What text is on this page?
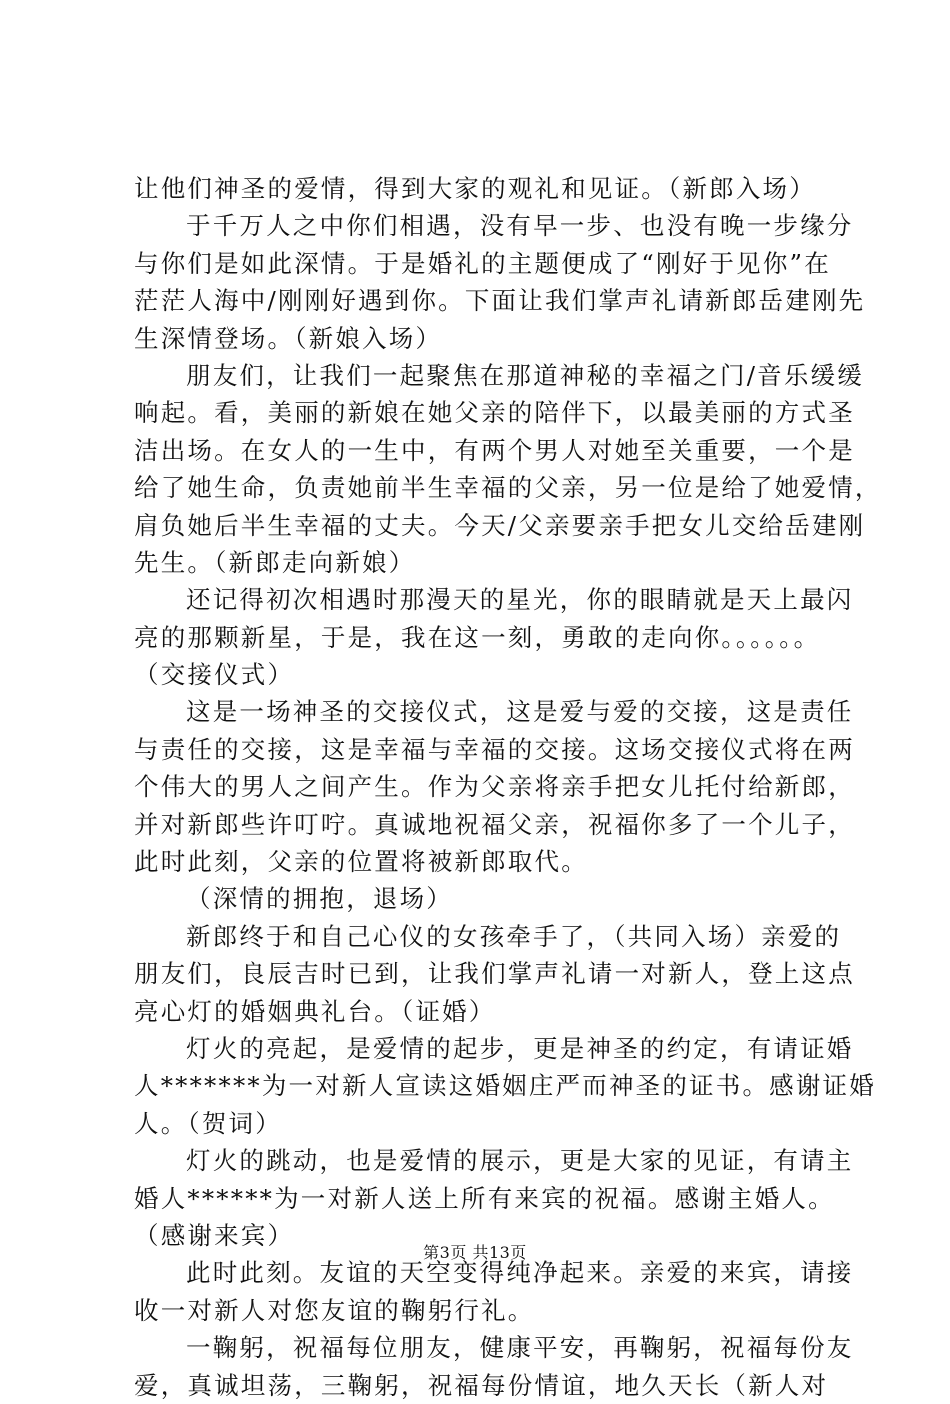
让他们神圣的爱情，得到大家的观礼和见证。（新郎入场）
于千万人之中你们相遇，没有早一步、也没有晚一步缘分
与你们是如此深情。于是婚礼的主题便成了“刚好于见你”在
茫茫人海中/刚刚好遇到你。下面让我们掌声礼请新郎岳建刚先
生深情登场。（新娘入场）
朋友们，让我们一起聚焦在那道神秘的幸福之门/音乐缓缓
响起。看，美丽的新娘在她父亲的陪伴下，以最美丽的方式圣
洁出场。在女人的一生中，有两个男人对她至关重要，一个是
给了她生命，负责她前半生幸福的父亲，另一位是给了她爱情，
肩负她后半生幸福的丈夫。今天/父亲要亲手把女儿交给岳建刚
先生。（新郎走向新娘）
还记得初次相遇时那漫天的星光，你的眼睛就是天上最闪
亮的那颗新星，于是，我在这一刻，勇敢的走向你。。。。。。
（交接仪式）
这是一场神圣的交接仪式，这是爱与爱的交接，这是责任
与责任的交接，这是幸福与幸福的交接。这场交接仪式将在两
个伟大的男人之间产生。作为父亲将亲手把女儿托付给新郎，
并对新郎些许叮咛。真诚地祝福父亲，祝福你多了一个儿子，
此时此刻，父亲的位置将被新郎取代。
（深情的拥抱，退场）
新郎终于和自己心仪的女孩牵手了，（共同入场）亲爱的
朋友们，良辰吉时已到，让我们掌声礼请一对新人，登上这点
亮心灯的婚姻典礼台。（证婚）
灯火的亮起，是爱情的起步，更是神圣的约定，有请证婚
人*******为一对新人宣读这婚姻庄严而神圣的证书。感谢证婚
人。（贺词）
灯火的跳动，也是爱情的展示，更是大家的见证，有请主
婚人******为一对新人送上所有来宾的祝福。感谢主婚人。
（感谢来宾）
此时此刻。友谊的天空变得纯净起来。亲爱的来宾，请接
收一对新人对您友谊的鞠躬行礼。
一鞠躬，祝福每位朋友，健康平安，再鞠躬，祝福每份友
爱，真诚坦荡，三鞠躬，祝福每份情谊，地久天长（新人对
第3页 共13页
